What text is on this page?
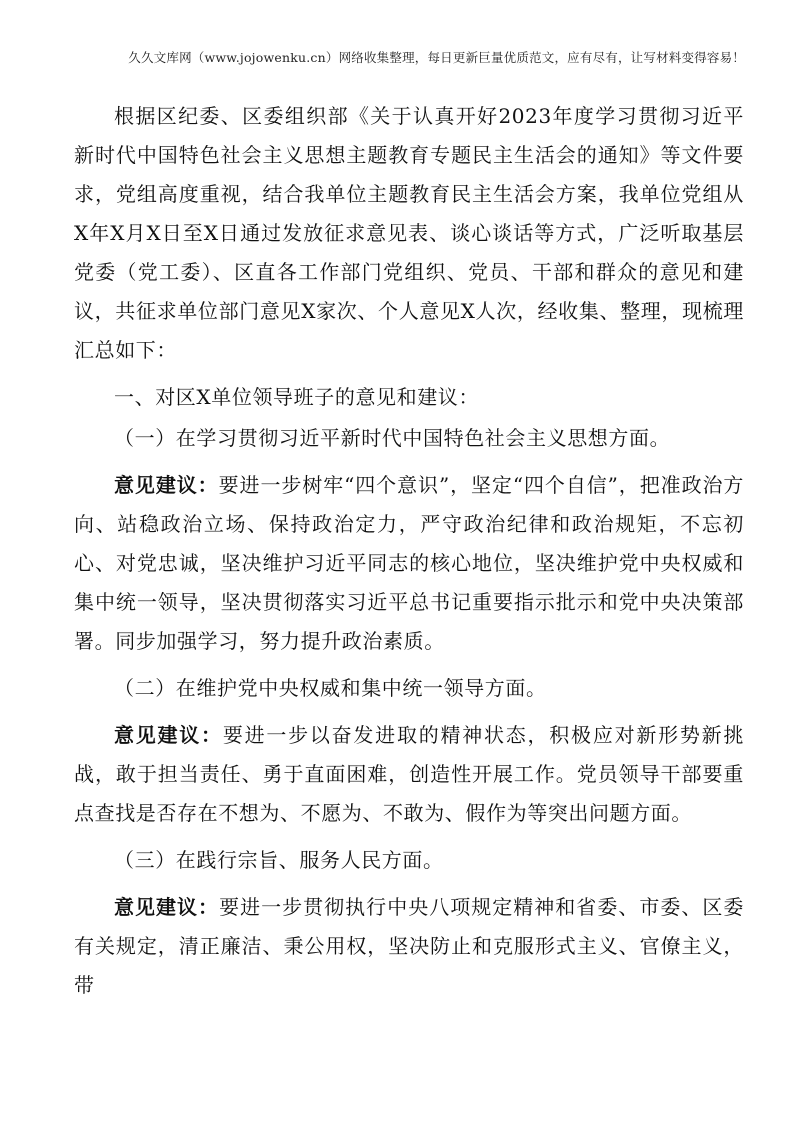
久久文库网（www.jojowenku.cn）网络收集整理，每日更新巨量优质范文，应有尽有，让写材料变得容易！

根据区纪委、区委组织部《关于认真开好2023年度学习贯彻习近平新时代中国特色社会主义思想主题教育专题民主生活会的通知》等文件要求，党组高度重视，结合我单位主题教育民主生活会方案，我单位党组从X年X月X日至X日通过发放征求意见表、谈心谈话等方式，广泛听取基层党委（党工委）、区直各工作部门党组织、党员、干部和群众的意见和建议，共征求单位部门意见X家次、个人意见X人次，经收集、整理，现梳理汇总如下：

一、对区X单位领导班子的意见和建议：

（一）在学习贯彻习近平新时代中国特色社会主义思想方面。

意见建议：要进一步树牢“四个意识”，坚定“四个自信”，把准政治方向、站稳政治立场、保持政治定力，严守政治纪律和政治规矩，不忘初心、对党忠诚，坚决维护习近平同志的核心地位，坚决维护党中央权威和集中统一领导，坚决贯彻落实习近平总书记重要指示批示和党中央决策部署。同步加强学习，努力提升政治素质。

（二）在维护党中央权威和集中统一领导方面。

意见建议：要进一步以奋发进取的精神状态，积极应对新形势新挑战，敢于担当责任、勇于直面困难，创造性开展工作。党员领导干部要重点查找是否存在不想为、不愿为、不敢为、假作为等突出问题方面。

（三）在践行宗旨、服务人民方面。

意见建议：要进一步贯彻执行中央八项规定精神和省委、市委、区委有关规定，清正廉洁、秉公用权，坚决防止和克服形式主义、官僚主义，带
